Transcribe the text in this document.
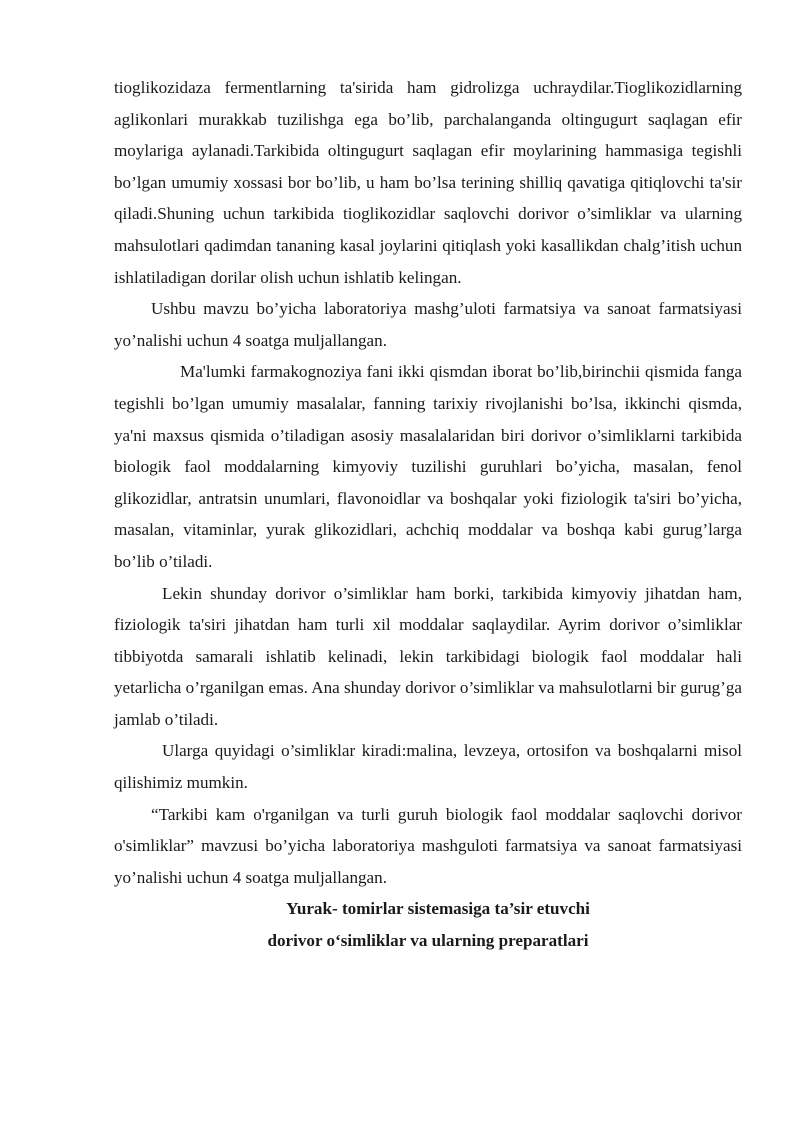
tioglikozidaza fermentlarning ta'sirida ham gidrolizga uchraydilar.Tioglikozidlarning aglikonlari murakkab tuzilishga ega bo’lib, parchalanganda oltingugurt saqlagan efir moylariga aylanadi.Tarkibida oltingugurt saqlagan efir moylarining hammasiga tegishli bo’lgan umumiy xossasi bor bo’lib, u ham bo’lsa terining shilliq qavatiga qitiqlovchi ta'sir qiladi.Shuning uchun tarkibida tioglikozidlar saqlovchi dorivor o’simliklar va ularning mahsulotlari qadimdan tananing kasal joylarini qitiqlash yoki kasallikdan chalg’itish uchun ishlatiladigan dorilar olish uchun ishlatib kelingan.

Ushbu mavzu bo’yicha laboratoriya mashg’uloti farmatsiya va sanoat farmatsiyasi yo’nalishi uchun 4 soatga muljallangan.

Ma'lumki farmakognoziya fani ikki qismdan iborat bo’lib,birinchii qismida fanga tegishli bo’lgan umumiy masalalar, fanning tarixiy rivojlanishi bo’lsa, ikkinchi qismda, ya'ni maxsus qismida o’tiladigan asosiy masalalaridan biri dorivor o’simliklarni tarkibida biologik faol moddalarning kimyoviy tuzilishi guruhlari bo’yicha, masalan, fenol glikozidlar, antratsin unumlari, flavonoidlar va boshqalar yoki fiziologik ta'siri bo’yicha, masalan, vitaminlar, yurak glikozidlari, achchiq moddalar va boshqa kabi gurug’larga bo’lib o’tiladi.

Lekin shunday dorivor o’simliklar ham borki, tarkibida kimyoviy jihatdan ham, fiziologik ta'siri jihatdan ham turli xil moddalar saqlaydilar. Ayrim dorivor o’simliklar tibbiyotda samarali ishlatib kelinadi, lekin tarkibidagi biologik faol moddalar hali yetarlicha o’rganilgan emas. Ana shunday dorivor o’simliklar va mahsulotlarni bir gurug’ga jamlab o’tiladi.

Ularga quyidagi o’simliklar kiradi:malina, levzeya, ortosifon va boshqalarni misol qilishimiz mumkin.

“Tarkibi kam o'rganilgan va turli guruh biologik faol moddalar saqlovchi dorivor o'simliklar” mavzusi bo’yicha laboratoriya mashguloti farmatsiya va sanoat farmatsiyasi yo’nalishi uchun 4 soatga muljallangan.

Yurak- tomirlar sistemasiga ta’sir etuvchi

dorivor o‘simliklar va ularning preparatlari
